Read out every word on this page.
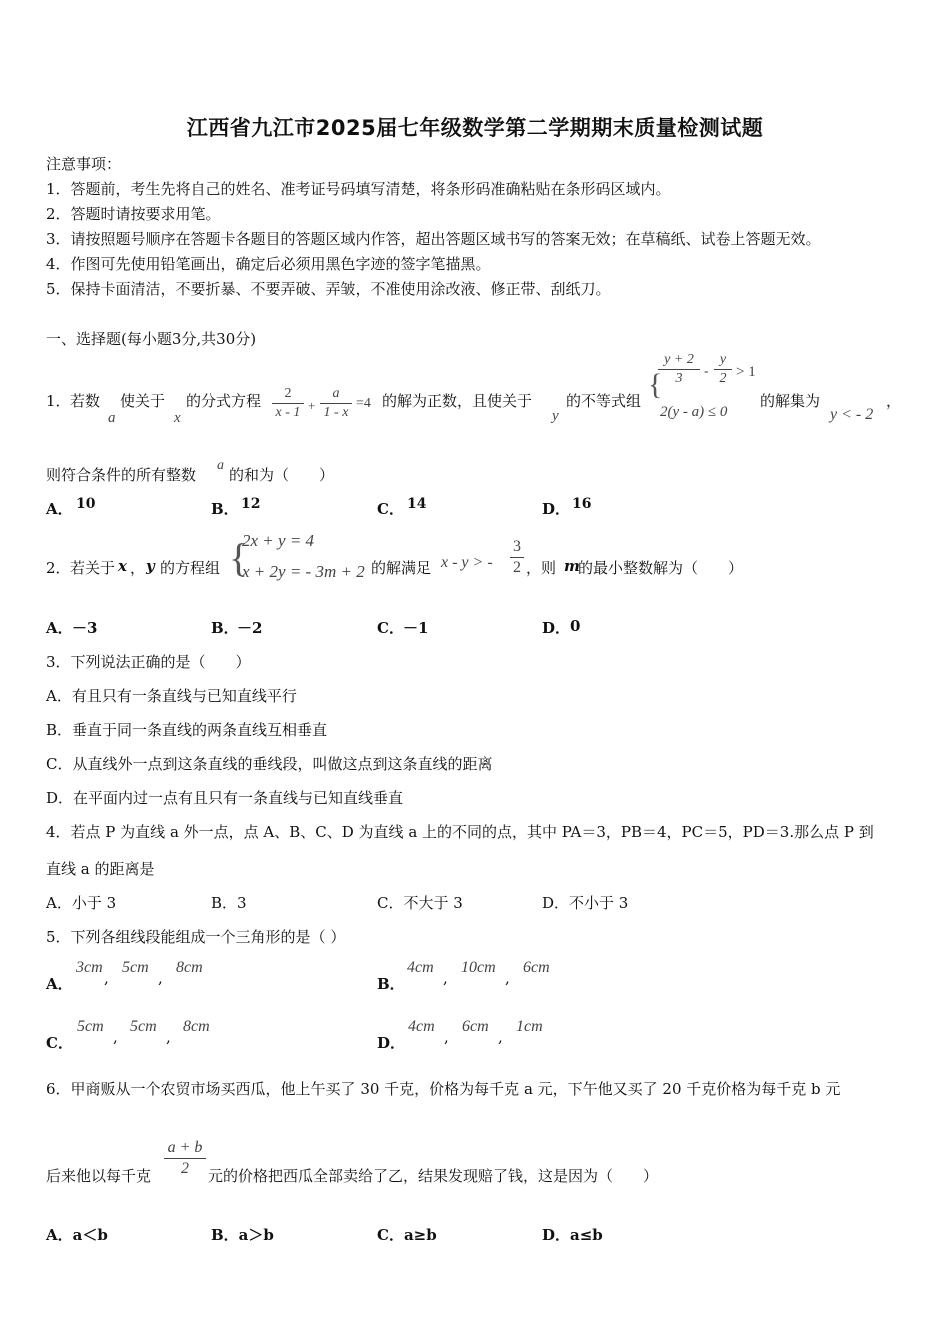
江西省九江市2025届七年级数学第二学期期末质量检测试题
注意事项：
1．答题前，考生先将自己的姓名、准考证号码填写清楚，将条形码准确粘贴在条形码区域内。
2．答题时请按要求用笔。
3．请按照题号顺序在答题卡各题目的答题区域内作答，超出答题区域书写的答案无效；在草稿纸、试卷上答题无效。
4．作图可先使用铅笔画出，确定后必须用黑色字迹的签字笔描黑。
5．保持卡面清洁，不要折暴、不要弄破、弄皱，不准使用涂改液、修正带、刮纸刀。
一、选择题(每小题3分,共30分)
1． 若数
a
使关于
x
的分式方程	2
x - 1 +
a
1 - x
=4 的解为正数，且使关于
y
的不等式组 {
y + 2
3	-
y
2 > 1
2(y - a) ≤ 0
的解集为
y < - 2
，
则符合条件的所有整数
a
的和为（　　）
A． 10	B． 12	C． 14	D． 16
2． 若关于 x ， y 的方程组 {
2x + y = 4
x + 2y = - 3m + 2 的解满足 x - y > -
3
2 ，则 m
的最小整数解为（　　）
A． －3	B．
－2	C． －1	D． 0
3．下列说法正确的是（　　）
A．有且只有一条直线与已知直线平行
B．垂直于同一条直线的两条直线互相垂直
C．从直线外一点到这条直线的垂线段，叫做这点到这条直线的距离
D．在平面内过一点有且只有一条直线与已知直线垂直
4．若点 P 为直线 a 外一点，点 A、B、C、D 为直线 a 上的不同的点，其中 PA＝3，PB＝4，PC＝5，PD＝3.那么点 P 到
直线 a 的距离是
A．小于 3	B．3	C．不大于 3	D．不小于 3
5．下列各组线段能组成一个三角形的是（ ）
A．
3cm
,
5cm
,
8cm
B．
4cm
,
10cm
,
6cm
C．
5cm
,
5cm
,
8cm
D．
4cm
,
6cm
,
1cm
6．甲商贩从一个农贸市场买西瓜，他上午买了 30 千克，价格为每千克 a 元，下午他又买了 20 千克价格为每千克 b 元
后来他以每千克
a + b
2	元的价格把西瓜全部卖给了乙，结果发现赔了钱，这是因为（　　）
A．a＜b	B．a＞b	C．a≥b	D．a≤b
